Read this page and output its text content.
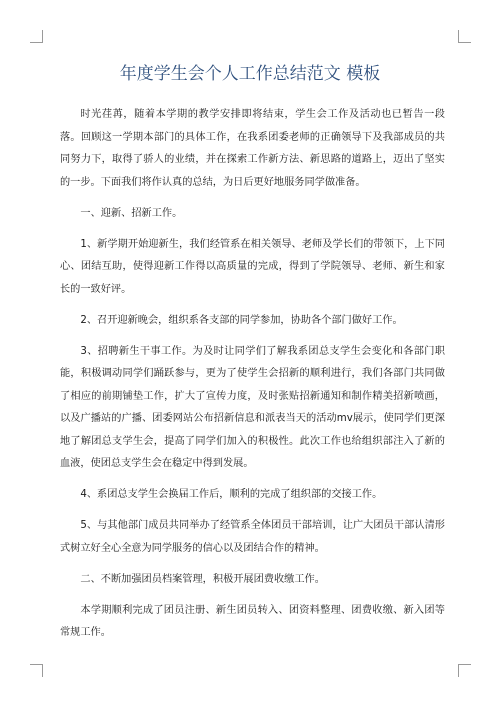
年度学生会个人工作总结范文 模板

时光荏苒，随着本学期的教学安排即将结束，学生会工作及活动也已暂告一段落。回顾这一学期本部门的具体工作，在我系团委老师的正确领导下及我部成员的共同努力下，取得了骄人的业绩，并在探索工作新方法、新思路的道路上，迈出了坚实的一步。下面我们将作认真的总结，为日后更好地服务同学做准备。

一、迎新、招新工作。

1、新学期开始迎新生，我们经管系在相关领导、老师及学长们的带领下，上下同心、团结互助，使得迎新工作得以高质量的完成，得到了学院领导、老师、新生和家长的一致好评。

2、召开迎新晚会，组织系各支部的同学参加，协助各个部门做好工作。

3、招聘新生干事工作。为及时让同学们了解我系团总支学生会变化和各部门职能，积极调动同学们踊跃参与，更为了使学生会招新的顺利进行，我们各部门共同做了相应的前期铺垫工作，扩大了宣传力度，及时张贴招新通知和制作精美招新喷画，以及广播站的广播、团委网站公布招新信息和派表当天的活动mv展示，使同学们更深地了解团总支学生会，提高了同学们加入的积极性。此次工作也给组织部注入了新的血液，使团总支学生会在稳定中得到发展。

4、系团总支学生会换届工作后，顺利的完成了组织部的交接工作。

5、与其他部门成员共同举办了经管系全体团员干部培训，让广大团员干部认清形式树立好全心全意为同学服务的信心以及团结合作的精神。

二、不断加强团员档案管理，积极开展团费收缴工作。

本学期顺利完成了团员注册、新生团员转入、团资料整理、团费收缴、新入团等常规工作。
